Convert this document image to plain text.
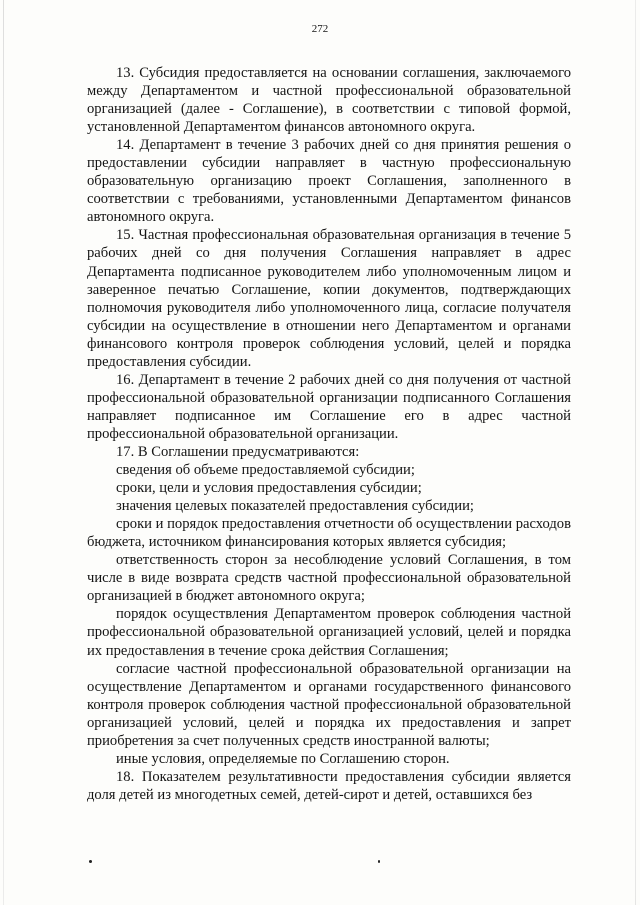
272

13. Субсидия предоставляется на основании соглашения, заключаемого между Департаментом и частной профессиональной образовательной организацией (далее - Соглашение), в соответствии с типовой формой, установленной Департаментом финансов автономного округа.

14. Департамент в течение 3 рабочих дней со дня принятия решения о предоставлении субсидии направляет в частную профессиональную образовательную организацию проект Соглашения, заполненного в соответствии с требованиями, установленными Департаментом финансов автономного округа.

15. Частная профессиональная образовательная организация в течение 5 рабочих дней со дня получения Соглашения направляет в адрес Департамента подписанное руководителем либо уполномоченным лицом и заверенное печатью Соглашение, копии документов, подтверждающих полномочия руководителя либо уполномоченного лица, согласие получателя субсидии на осуществление в отношении него Департаментом и органами финансового контроля проверок соблюдения условий, целей и порядка предоставления субсидии.

16. Департамент в течение 2 рабочих дней со дня получения от частной профессиональной образовательной организации подписанного Соглашения направляет подписанное им Соглашение его в адрес частной профессиональной образовательной организации.

17. В Соглашении предусматриваются:

сведения об объеме предоставляемой субсидии;

сроки, цели и условия предоставления субсидии;

значения целевых показателей предоставления субсидии;

сроки и порядок предоставления отчетности об осуществлении расходов бюджета, источником финансирования которых является субсидия;

ответственность сторон за несоблюдение условий Соглашения, в том числе в виде возврата средств частной профессиональной образовательной организацией в бюджет автономного округа;

порядок осуществления Департаментом проверок соблюдения частной профессиональной образовательной организацией условий, целей и порядка их предоставления в течение срока действия Соглашения;

согласие частной профессиональной образовательной организации на осуществление Департаментом и органами государственного финансового контроля проверок соблюдения частной профессиональной образовательной организацией условий, целей и порядка их предоставления и запрет приобретения за счет полученных средств иностранной валюты;

иные условия, определяемые по Соглашению сторон.

18. Показателем результативности предоставления субсидии является доля детей из многодетных семей, детей-сирот и детей, оставшихся без
